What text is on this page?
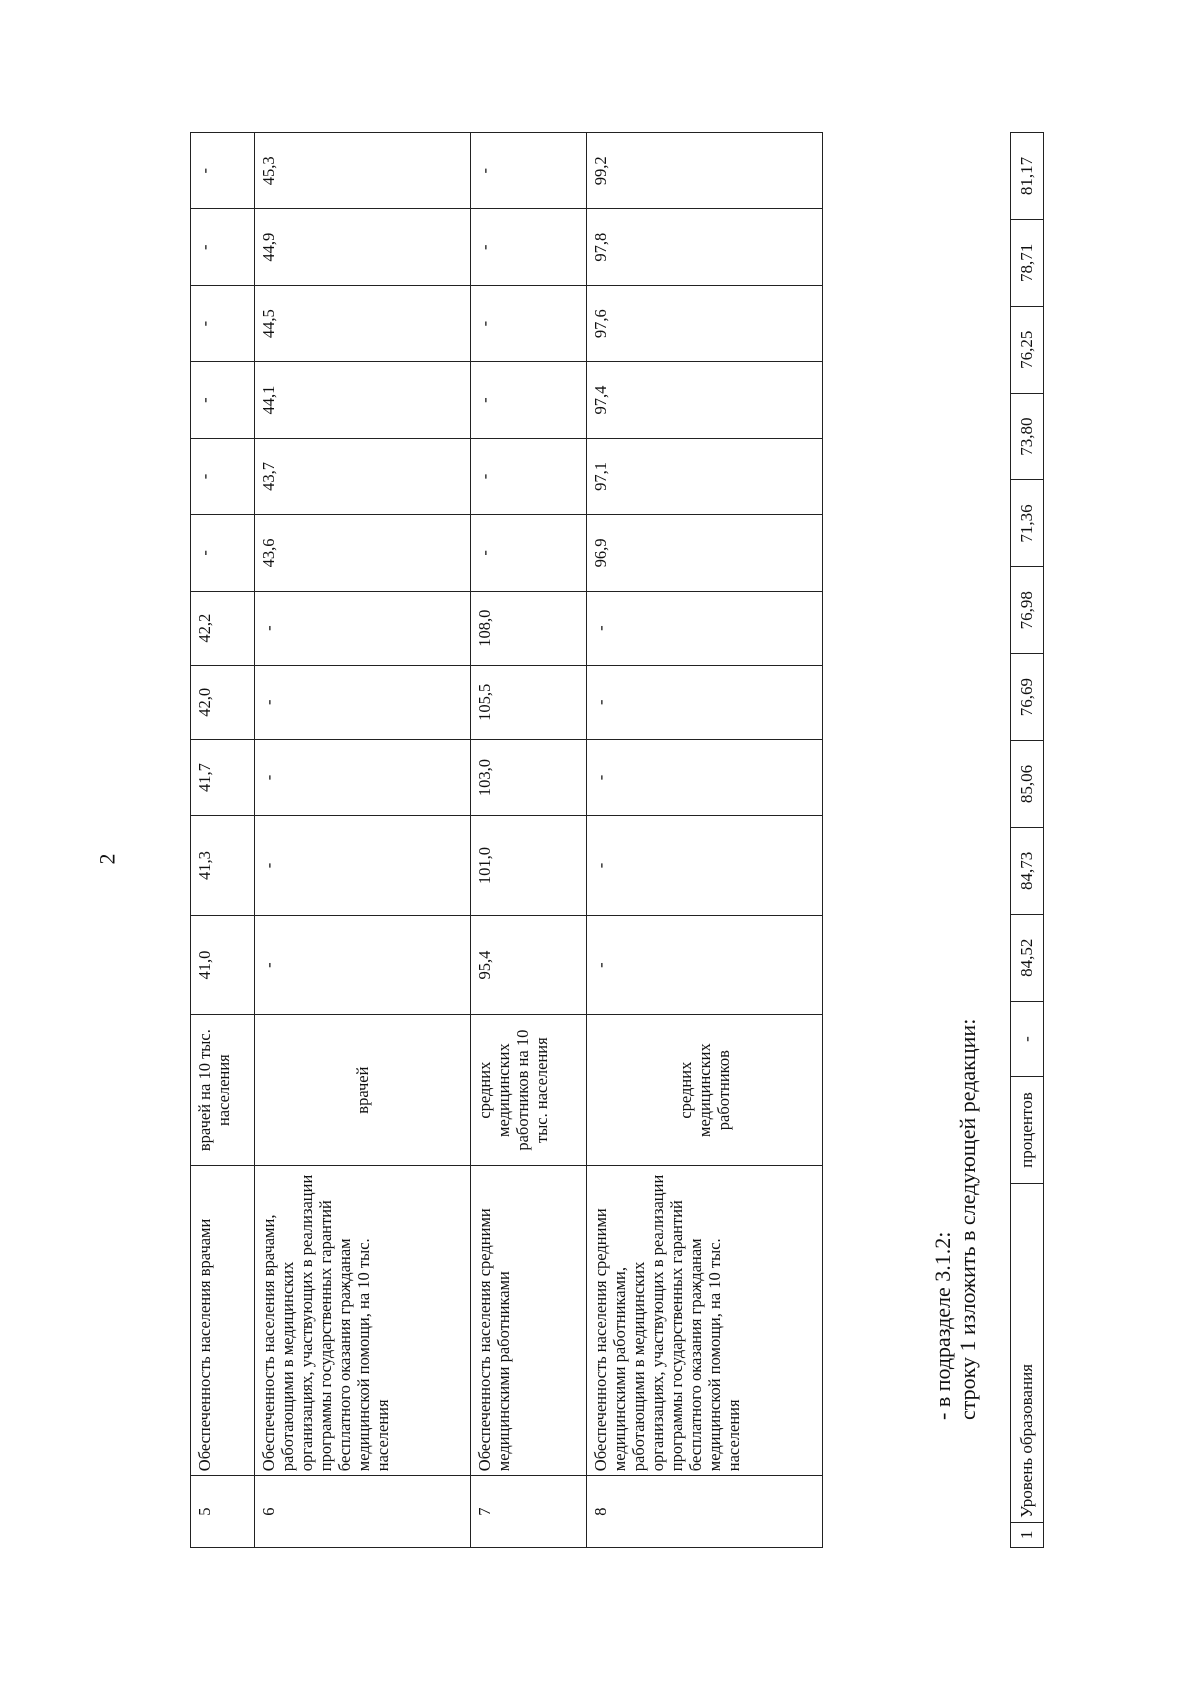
2
5	Обеспеченность населения врачами	врачей на 10 тыс. населения	41,0	41,3	41,7	42,0	42,2	-	-	-	-	-	-
6	Обеспеченность населения врачами, работающими в медицинских организациях, участвующих в реализации программы государственных гарантий бесплатного оказания гражданам медицинской помощи, на 10 тыс. населения	врачей	-	-	-	-	-	43,6	43,7	44,1	44,5	44,9	45,3
7	Обеспеченность населения средними медицинскими работниками	средних медицинских работников на 10 тыс. населения	95,4	101,0	103,0	105,5	108,0	-	-	-	-	-	-
8	Обеспеченность населения средними медицинскими работниками, работающими в медицинских организациях, участвующих в реализации программы государственных гарантий бесплатного оказания гражданам медицинской помощи, на 10 тыс. населения	средних медицинских работников	-	-	-	-	-	96,9	97,1	97,4	97,6	97,8	99,2
- в подразделе 3.1.2: строку 1 изложить в следующей редакции:
1	Уровень образования	процентов	-	84,52	84,73	85,06	76,69	76,98	71,36	73,80	76,25	78,71	81,17
